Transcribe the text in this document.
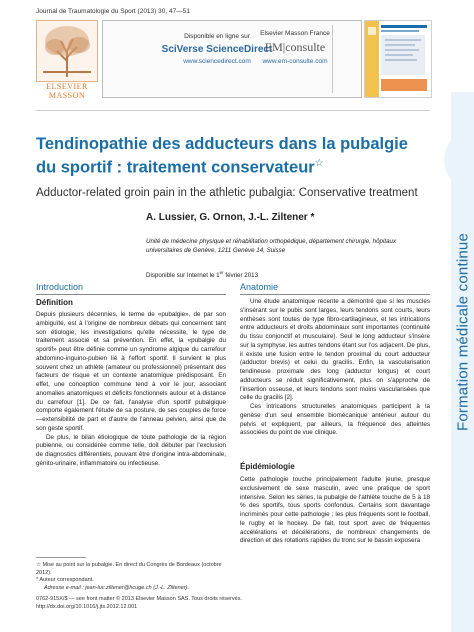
Journal de Traumatologie du Sport (2013) 30, 47—51
ELSEVIER
MASSON
Disponible en ligne sur
SciVerse ScienceDirect
www.sciencedirect.com
Elsevier Masson France
EM|consulte
www.em-consulte.com
Tendinopathie des adducteurs dans la pubalgie du sportif : traitement conservateur☆
Adductor-related groin pain in the athletic pubalgia: Conservative treatment
A. Lussier, G. Ornon, J.-L. Ziltener *
Unité de médecine physique et réhabilitation orthopédique, département chirurgie, hôpitaux universitaires de Genève, 1211 Genève 14, Suisse
Disponible sur Internet le 1er février 2013
Introduction
Définition

Depuis plusieurs décennies, le terme de «pubalgie», de par son ambiguïté, est à l'origine de nombreux débats qui concernent tant son étiologie, les investigations qu'elle nécessite, le type de traitement associé et sa prévention. En effet, la «pubalgie du sportif» peut être définie comme un syndrome algique du carrefour abdomino-inguino-pubien lié à l'effort sportif. Il survient le plus souvent chez un athlète (amateur ou professionnel) présentant des facteurs de risque et un contexte anatomique prédisposant. En effet, une conception commune tend à voir le jour, associant anomalies anatomiques et déficits fonctionnels autour et à distance du carrefour [1]. De ce fait, l'analyse d'un sportif pubalgique comporte également l'étude de sa posture, de ses couples de force—extensibilité de part et d'autre de l'anneau pelvien, ainsi que de son geste sportif.

De plus, le bilan étiologique de toute pathologie de la région pubienne, ou considérée comme telle, doit débuter par l'exclusion de diagnostics différentiels, pouvant être d'origine intra-abdominale, génito-urinaire, inflammatoire ou infectieuse.

Anatomie

Une étude anatomique récente a démontré que si les muscles s'insérant sur le pubis sont larges, leurs tendons sont courts, leurs enthèses sont toutes de type fibro-cartilagineux, et les intrications entre adducteurs et droits abdominaux sont importantes (continuité du tissu conjonctif et musculaire). Seul le long adducteur s'insère sur la symphyse, les autres tendons étant sur l'os adjacent. De plus, il existe une fusion entre le tendon proximal du court adducteur (adductor brevis) et celui du gracilis. Enfin, la vascularisation tendineuse proximale des long (adductor longus) et court adducteurs se réduit significativement, plus on s'approche de l'insertion osseuse, et leurs tendons sont moins vascularisées que celle du gracilis [2].

Ces intrications structurelles anatomiques participent à la genèse d'un seul ensemble biomécanique antérieur autour du pelvis et expliquent, par ailleurs, la fréquence des atteintes associées du point de vue clinique.

Épidémiologie

Cette pathologie touche principalement l'adulte jeune, presque exclusivement de sexe masculin, avec une pratique de sport intensive. Selon les séries, la pubalgie de l'athlète touche de 5 à 18 % des sportifs, tous sports confondus. Certains sont davantage incriminés pour cette pathologie ; les plus fréquents sont le football, le rugby et le hockey. De fait, tout sport avec de fréquentes accélérations et décélérations, de nombreux changements de direction et des rotations rapides du tronc sur le bassin exposera

☆ Mise au point sur la pubalgie. En direct du Congrès de Bordeaux (octobre 2012).
* Auteur correspondant.
Adresse e-mail : jean-luc.ziltener@hcuge.ch (J.-L. Ziltener).
0762-915X/$ — see front matter © 2013 Elsevier Masson SAS. Tous droits réservés.
http://dx.doi.org/10.1016/j.jts.2012.12.001
Formation médicale continue
